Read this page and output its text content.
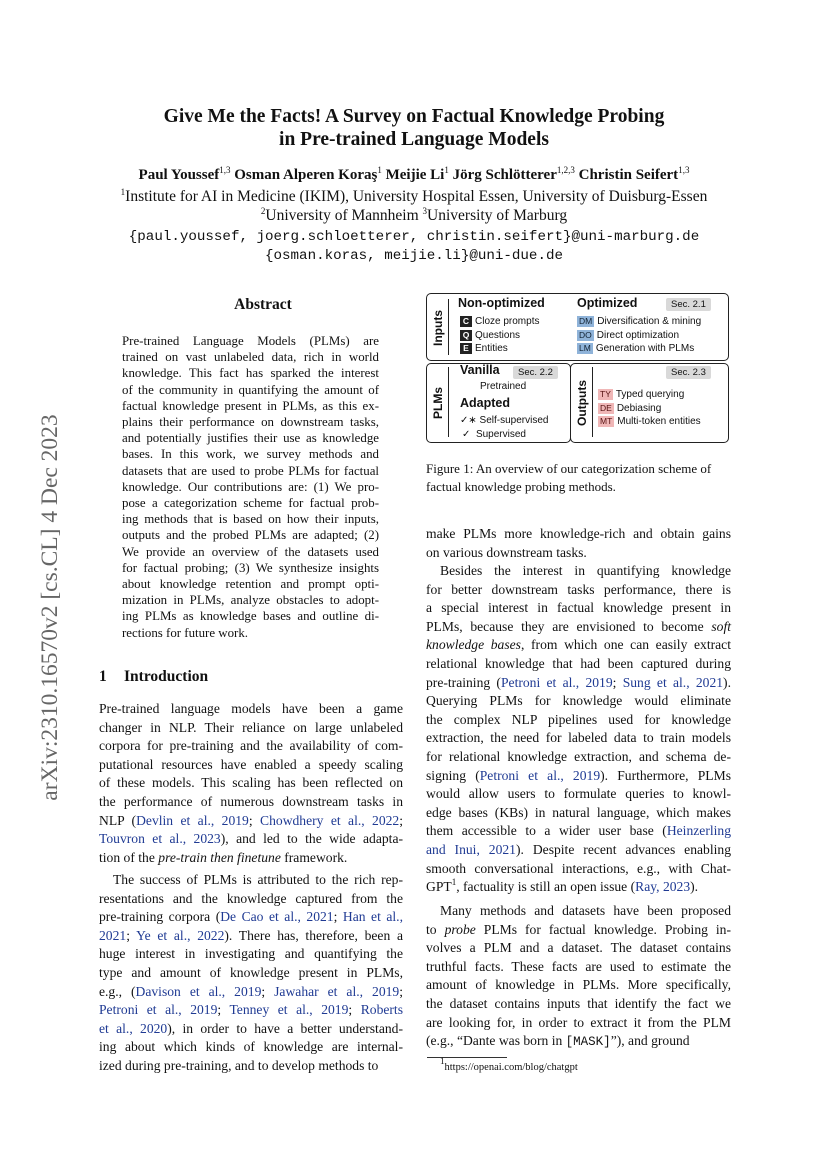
arXiv:2310.16570v2 [cs.CL] 4 Dec 2023
Give Me the Facts! A Survey on Factual Knowledge Probing
in Pre-trained Language Models
Paul Youssef$^{1,3}$ Osman Alperen Koraş$^1$ Meijie Li$^1$ Jörg Schlötterer$^{1,2,3}$ Christin Seifert$^{1,3}$
$^1$Institute for AI in Medicine (IKIM), University Hospital Essen, University of Duisburg-Essen
$^2$University of Mannheim $^3$University of Marburg
{paul.youssef, joerg.schloetterer, christin.seifert}@uni-marburg.de
{osman.koras, meijie.li}@uni-due.de
Abstract
Pre-trained Language Models (PLMs) are
trained on vast unlabeled data, rich in world
knowledge. This fact has sparked the interest
of the community in quantifying the amount of
factual knowledge present in PLMs, as this ex-
plains their performance on downstream tasks,
and potentially justifies their use as knowledge
bases. In this work, we survey methods and
datasets that are used to probe PLMs for factual
knowledge. Our contributions are: (1) We pro-
pose a categorization scheme for factual prob-
ing methods that is based on how their inputs,
outputs and the probed PLMs are adapted; (2)
We provide an overview of the datasets used
for factual probing; (3) We synthesize insights
about knowledge retention and prompt opti-
mization in PLMs, analyze obstacles to adopt-
ing PLMs as knowledge bases and outline di-
rections for future work.
1 Introduction
Pre-trained language models have been a game
changer in NLP. Their reliance on large unlabeled
corpora for pre-training and the availability of com-
putational resources have enabled a speedy scaling
of these models. This scaling has been reflected on
the performance of numerous downstream tasks in
NLP (Devlin et al., 2019; Chowdhery et al., 2022;
Touvron et al., 2023), and led to the wide adapta-
tion of the pre-train then finetune framework.
The success of PLMs is attributed to the rich rep-
resentations and the knowledge captured from the
pre-training corpora (De Cao et al., 2021; Han et al.,
2021; Ye et al., 2022). There has, therefore, been a
huge interest in investigating and quantifying the
type and amount of knowledge present in PLMs,
e.g., (Davison et al., 2019; Jawahar et al., 2019;
Petroni et al., 2019; Tenney et al., 2019; Roberts
et al., 2020), in order to have a better understand-
ing about which kinds of knowledge are internal-
ized during pre-training, and to develop methods to
Inputs
Non-optimized	Optimized	Sec. 2.1
C Cloze prompts
Q Questions
E Entities
DM Diversification & mining
DO Direct optimization
LM Generation with PLMs
PLMs
Vanilla	Sec. 2.2
Pretrained
Adapted
✓∗ Self-supervised
✓ Supervised
Outputs
Sec. 2.3
TY Typed querying
DE Debiasing
MT Multi-token entities
Figure 1: An overview of our categorization scheme of
factual knowledge probing methods.
make PLMs more knowledge-rich and obtain gains
on various downstream tasks.
Besides the interest in quantifying knowledge
for better downstream tasks performance, there is
a special interest in factual knowledge present in
PLMs, because they are envisioned to become soft
knowledge bases, from which one can easily extract
relational knowledge that had been captured during
pre-training (Petroni et al., 2019; Sung et al., 2021).
Querying PLMs for knowledge would eliminate
the complex NLP pipelines used for knowledge
extraction, the need for labeled data to train models
for relational knowledge extraction, and schema de-
signing (Petroni et al., 2019). Furthermore, PLMs
would allow users to formulate queries to knowl-
edge bases (KBs) in natural language, which makes
them accessible to a wider user base (Heinzerling
and Inui, 2021). Despite recent advances enabling
smooth conversational interactions, e.g., with Chat-
GPT$^1$, factuality is still an open issue (Ray, 2023).
Many methods and datasets have been proposed
to probe PLMs for factual knowledge. Probing in-
volves a PLM and a dataset. The dataset contains
truthful facts. These facts are used to estimate the
amount of knowledge in PLMs. More specifically,
the dataset contains inputs that identify the fact we
are looking for, in order to extract it from the PLM
(e.g., “Dante was born in [MASK]”), and ground
$^1$https://openai.com/blog/chatgpt
